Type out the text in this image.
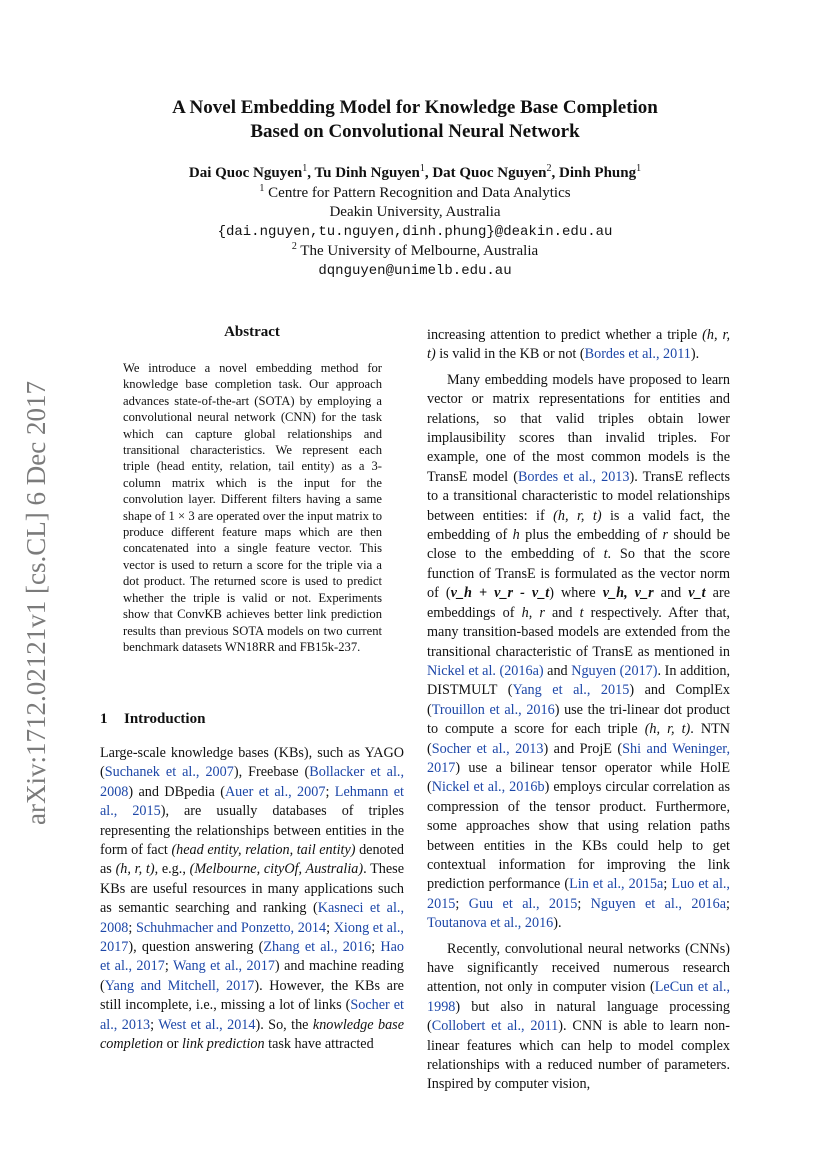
arXiv:1712.02121v1 [cs.CL] 6 Dec 2017
A Novel Embedding Model for Knowledge Base Completion
Based on Convolutional Neural Network
Dai Quoc Nguyen$^1$, Tu Dinh Nguyen$^1$, Dat Quoc Nguyen$^2$, Dinh Phung$^1$
$^1$ Centre for Pattern Recognition and Data Analytics
Deakin University, Australia
{dai.nguyen,tu.nguyen,dinh.phung}@deakin.edu.au
$^2$ The University of Melbourne, Australia
dqnguyen@unimelb.edu.au
Abstract
We introduce a novel embedding method for knowledge base completion task. Our approach advances state-of-the-art (SOTA) by employing a convolutional neural network (CNN) for the task which can capture global relationships and transitional characteristics. We represent each triple (head entity, relation, tail entity) as a 3-column matrix which is the input for the convolution layer. Different filters having a same shape of 1 × 3 are operated over the input matrix to produce different feature maps which are then concatenated into a single feature vector. This vector is used to return a score for the triple via a dot product. The returned score is used to predict whether the triple is valid or not. Experiments show that ConvKB achieves better link prediction results than previous SOTA models on two current benchmark datasets WN18RR and FB15k-237.
1 Introduction

Large-scale knowledge bases (KBs), such as YAGO (Suchanek et al., 2007), Freebase (Bollacker et al., 2008) and DBpedia (Auer et al., 2007; Lehmann et al., 2015), are usually databases of triples representing the relationships between entities in the form of fact (head entity, relation, tail entity) denoted as (h, r, t), e.g., (Melbourne, cityOf, Australia). These KBs are useful resources in many applications such as semantic searching and ranking (Kasneci et al., 2008; Schuhmacher and Ponzetto, 2014; Xiong et al., 2017), question answering (Zhang et al., 2016; Hao et al., 2017; Wang et al., 2017) and machine reading (Yang and Mitchell, 2017). However, the KBs are still incomplete, i.e., missing a lot of links (Socher et al., 2013; West et al., 2014). So, the knowledge base completion or link prediction task have attracted

increasing attention to predict whether a triple (h, r, t) is valid in the KB or not (Bordes et al., 2011).

Many embedding models have proposed to learn vector or matrix representations for entities and relations, so that valid triples obtain lower implausibility scores than invalid triples. For example, one of the most common models is the TransE model (Bordes et al., 2013). TransE reflects to a transitional characteristic to model relationships between entities: if (h, r, t) is a valid fact, the embedding of h plus the embedding of r should be close to the embedding of t. So that the score function of TransE is formulated as the vector norm of (v_h + v_r - v_t) where v_h, v_r and v_t are embeddings of h, r and t respectively. After that, many transition-based models are extended from the transitional characteristic of TransE as mentioned in Nickel et al. (2016a) and Nguyen (2017). In addition, DISTMULT (Yang et al., 2015) and ComplEx (Trouillon et al., 2016) use the tri-linear dot product to compute a score for each triple (h, r, t). NTN (Socher et al., 2013) and ProjE (Shi and Weninger, 2017) use a bilinear tensor operator while HolE (Nickel et al., 2016b) employs circular correlation as compression of the tensor product. Furthermore, some approaches show that using relation paths between entities in the KBs could help to get contextual information for improving the link prediction performance (Lin et al., 2015a; Luo et al., 2015; Guu et al., 2015; Nguyen et al., 2016a; Toutanova et al., 2016).

Recently, convolutional neural networks (CNNs) have significantly received numerous research attention, not only in computer vision (LeCun et al., 1998) but also in natural language processing (Collobert et al., 2011). CNN is able to learn non-linear features which can help to model complex relationships with a reduced number of parameters. Inspired by computer vision,
